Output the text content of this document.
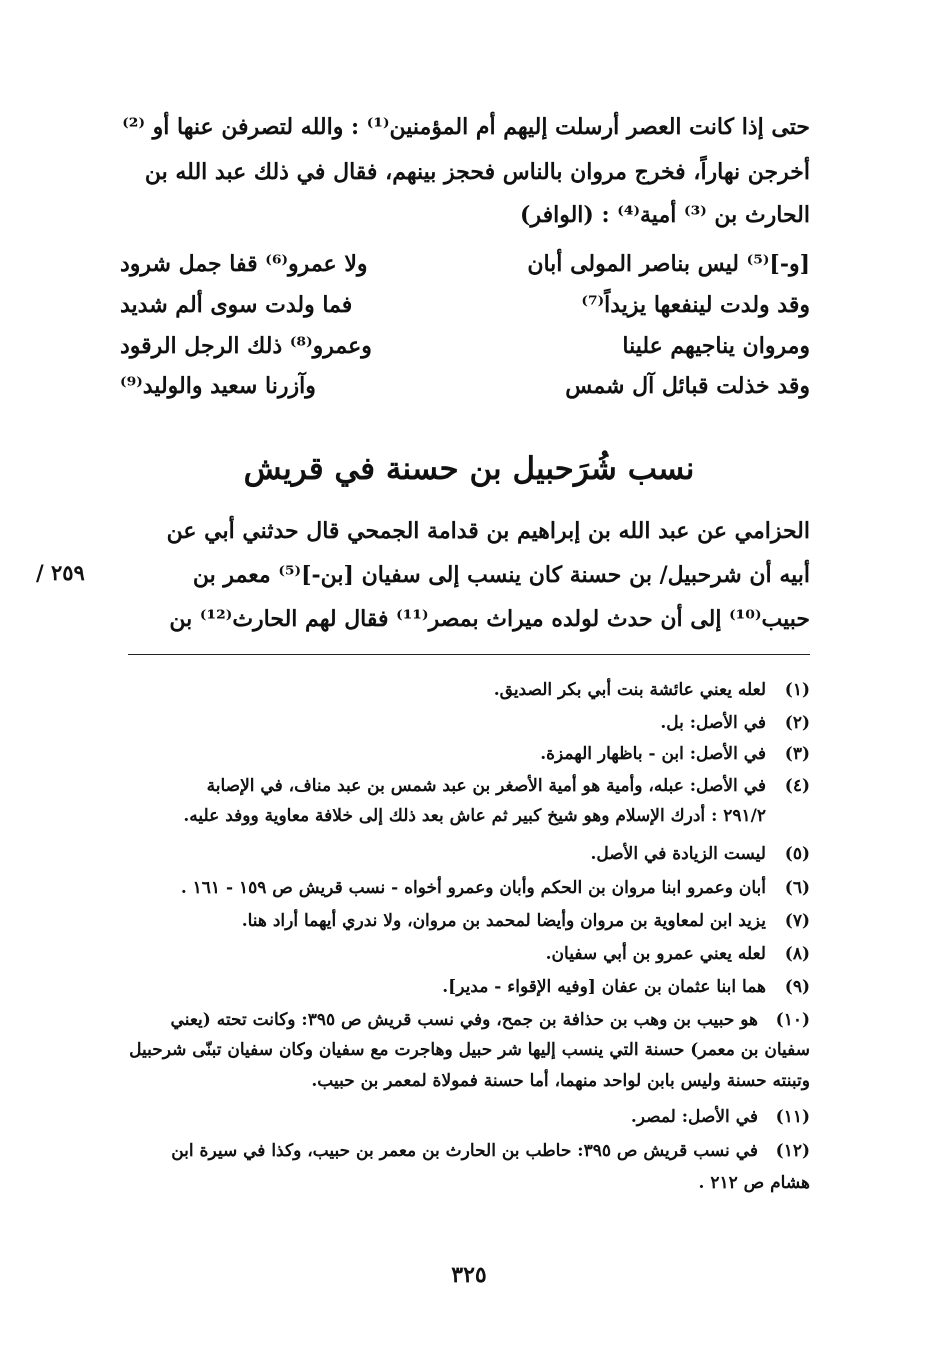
حتى إذا كانت العصر أرسلت إليهم أم المؤمنين⁽¹⁾ : والله لتصرفن عنها أو ⁽²⁾
أخرجن نهاراً، فخرج مروان بالناس فحجز بينهم، فقال في ذلك عبد الله بن
الحارث بن ⁽³⁾ أمية⁽⁴⁾ : (الوافر)
[و-]⁽⁵⁾ ليس بناصر المولى أبان
ولا عمرو⁽⁶⁾ قفا جمل شرود
وقد ولدت لينفعها يزيداً⁽⁷⁾
فما ولدت سوى ألم شديد
ومروان يناجيهم علينا
وعمرو⁽⁸⁾ ذلك الرجل الرقود
وقد خذلت قبائل آل شمس
وآزرنا سعيد والوليد⁽⁹⁾
نسب شُرَحبيل بن حسنة في قريش
الحزامي عن عبد الله بن إبراهيم بن قدامة الجمحي قال حدثني أبي عن
أبيه أن شرحبيل/ بن حسنة كان ينسب إلى سفيان [بن-]⁽⁵⁾ معمر بن
حبيب⁽¹⁰⁾ إلى أن حدث لولده ميراث بمصر⁽¹¹⁾ فقال لهم الحارث⁽¹²⁾ بن
٢٥٩ /
(١)
لعله يعني عائشة بنت أبي بكر الصديق.
(٢)
في الأصل: بل.
(٣)
في الأصل: ابن - باظهار الهمزة.
(٤)
في الأصل: عبله، وأمية هو أمية الأصغر بن عبد شمس بن عبد مناف، في الإصابة
٢٩١/٢ : أدرك الإسلام وهو شيخ كبير ثم عاش بعد ذلك إلى خلافة معاوية ووفد عليه.
(٥)
ليست الزيادة في الأصل.
(٦)
أبان وعمرو ابنا مروان بن الحكم وأبان وعمرو أخواه - نسب قريش ص ١٥٩ - ١٦١ .
(٧)
يزيد ابن لمعاوية بن مروان وأيضا لمحمد بن مروان، ولا ندري أيهما أراد هنا.
(٨)
لعله يعني عمرو بن أبي سفيان.
(٩)
هما ابنا عثمان بن عفان [وفيه الإقواء - مدير].
(١٠)
هو حبيب بن وهب بن حذافة بن جمح، وفي نسب قريش ص ٣٩٥: وكانت تحته (يعني
سفيان بن معمر) حسنة التي ينسب إليها شر حبيل وهاجرت مع سفيان وكان سفيان تبنّى شرحبيل
وتبنته حسنة وليس بابن لواحد منهما، أما حسنة فمولاة لمعمر بن حبيب.
(١١)
في الأصل: لمصر.
(١٢)
في نسب قريش ص ٣٩٥: حاطب بن الحارث بن معمر بن حبيب، وكذا في سيرة ابن
هشام ص ٢١٢ .
٣٢٥
